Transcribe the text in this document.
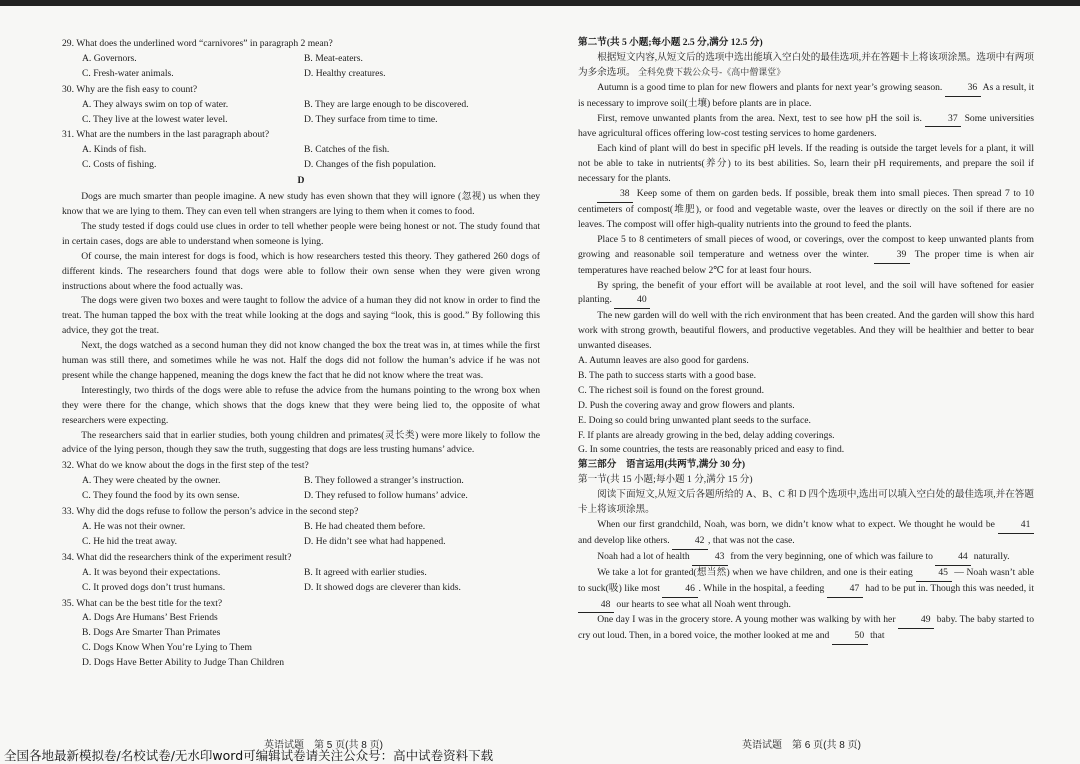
29. What does the underlined word “carnivores” in paragraph 2 mean?

A. Governors.	B. Meat-eaters.
C. Fresh-water animals.	D. Healthy creatures.

30. Why are the fish easy to count?

A. They always swim on top of water.	B. They are large enough to be discovered.
C. They live at the lowest water level.	D. They surface from time to time.

31. What are the numbers in the last paragraph about?

A. Kinds of fish.	B. Catches of the fish.
C. Costs of fishing.	D. Changes of the fish population.
D

Dogs are much smarter than people imagine. A new study has even shown that they will ignore (忽视) us when they know that we are lying to them. They can even tell when strangers are lying to them when it comes to food.

The study tested if dogs could use clues in order to tell whether people were being honest or not. The study found that in certain cases, dogs are able to understand when someone is lying.

Of course, the main interest for dogs is food, which is how researchers tested this theory. They gathered 260 dogs of different kinds. The researchers found that dogs were able to follow their own sense when they were given wrong instructions about where the food actually was.

The dogs were given two boxes and were taught to follow the advice of a human they did not know in order to find the treat. The human tapped the box with the treat while looking at the dogs and saying “look, this is good.” By following this advice, they got the treat.

Next, the dogs watched as a second human they did not know changed the box the treat was in, at times while the first human was still there, and sometimes while he was not. Half the dogs did not follow the human’s advice if he was not present while the change happened, meaning the dogs knew the fact that he did not know where the treat was.

Interestingly, two thirds of the dogs were able to refuse the advice from the humans pointing to the wrong box when they were there for the change, which shows that the dogs knew that they were being lied to, the opposite of what researchers were expecting.

The researchers said that in earlier studies, both young children and primates(灵长类) were more likely to follow the advice of the lying person, though they saw the truth, suggesting that dogs are less trusting humans’ advice.

32. What do we know about the dogs in the first step of the test?

A. They were cheated by the owner.	B. They followed a stranger’s instruction.
C. They found the food by its own sense.	D. They refused to follow humans’ advice.

33. Why did the dogs refuse to follow the person’s advice in the second step?

A. He was not their owner.	B. He had cheated them before.
C. He hid the treat away.	D. He didn’t see what had happened.

34. What did the researchers think of the experiment result?

A. It was beyond their expectations.	B. It agreed with earlier studies.
C. It proved dogs don’t trust humans.	D. It showed dogs are cleverer than kids.

35. What can be the best title for the text?

A. Dogs Are Humans’ Best Friends
B. Dogs Are Smarter Than Primates
C. Dogs Know When You’re Lying to Them
D. Dogs Have Better Ability to Judge Than Children

第二节(共 5 小题;每小题 2.5 分,满分 12.5 分)

根据短文内容,从短文后的选项中选出能填入空白处的最佳选项,并在答题卡上将该项涂黑。选项中有两项为多余选项。 全科免费下载公众号-《高中僧课堂》

Autumn is a good time to plan for new flowers and plants for next year’s growing season. 36 As a result, it is necessary to improve soil(土壤) before plants are in place.

First, remove unwanted plants from the area. Next, test to see how pH the soil is. 37 Some universities have agricultural offices offering low-cost testing services to home gardeners.

Each kind of plant will do best in specific pH levels. If the reading is outside the target levels for a plant, it will not be able to take in nutrients(养分) to its best abilities. So, learn their pH requirements, and prepare the soil if necessary for the plants.

38 Keep some of them on garden beds. If possible, break them into small pieces. Then spread 7 to 10 centimeters of compost(堆肥), or food and vegetable waste, over the leaves or directly on the soil if there are no leaves. The compost will offer high-quality nutrients into the ground to feed the plants.

Place 5 to 8 centimeters of small pieces of wood, or coverings, over the compost to keep unwanted plants from growing and reasonable soil temperature and wetness over the winter. 39 The proper time is when air temperatures have reached below 2℃ for at least four hours.

By spring, the benefit of your effort will be available at root level, and the soil will have softened for easier planting. 40

The new garden will do well with the rich environment that has been created. And the garden will show this hard work with strong growth, beautiful flowers, and productive vegetables. And they will be healthier and better to bear unwanted diseases.

A. Autumn leaves are also good for gardens.

B. The path to success starts with a good base.

C. The richest soil is found on the forest ground.

D. Push the covering away and grow flowers and plants.

E. Doing so could bring unwanted plant seeds to the surface.

F. If plants are already growing in the bed, delay adding coverings.

G. In some countries, the tests are reasonably priced and easy to find.

第三部分　语言运用(共两节,满分 30 分)

第一节(共 15 小题;每小题 1 分,满分 15 分)

阅读下面短文,从短文后各题所给的 A、B、C 和 D 四个选项中,选出可以填入空白处的最佳选项,并在答题卡上将该项涂黑。

When our first grandchild, Noah, was born, we didn’t know what to expect. We thought he would be 41 and develop like others. 42 , that was not the case.

Noah had a lot of health 43 from the very beginning, one of which was failure to 44 naturally.

We take a lot for granted(想当然) when we have children, and one is their eating 45 — Noah wasn’t able to suck(吸) like most 46 . While in the hospital, a feeding 47 had to be put in. Though this was needed, it 48 our hearts to see what all Noah went through.

One day I was in the grocery store. A young mother was walking by with her 49 baby. The baby started to cry out loud. Then, in a bored voice, the mother looked at me and 50 that

英语试题　第 5 页(共 8 页)	英语试题　第 6 页(共 8 页)
全国各地最新模拟卷/名校试卷/无水印word可编辑试卷请关注公众号：高中试卷资料下载
